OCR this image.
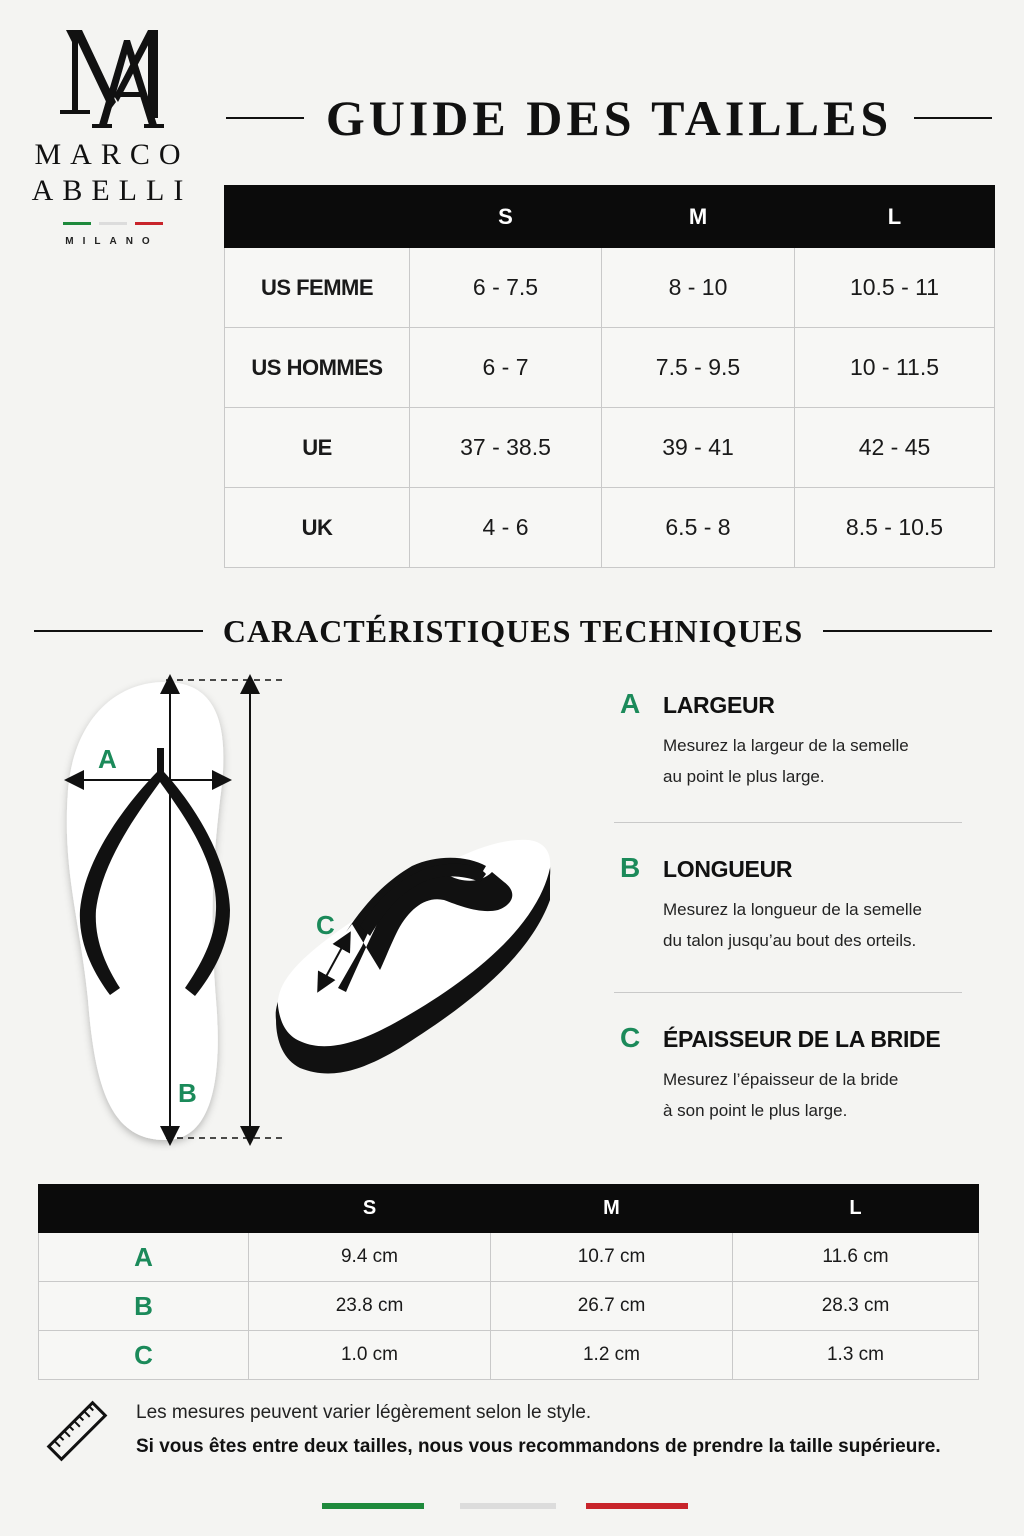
MARCO
ABELLI
MILANO
GUIDE DES TAILLES
	S	M	L
US FEMME	6 - 7.5	8 - 10	10.5 - 11
US HOMMES	6 - 7	7.5 - 9.5	10 - 11.5
UE	37 - 38.5	39 - 41	42 - 45
UK	4 - 6	6.5 - 8	8.5 - 10.5
CARACTÉRISTIQUES TECHNIQUES
A
B
C
A LARGEUR
Mesurez la largeur de la semelle
au point le plus large.
B LONGUEUR
Mesurez la longueur de la semelle
du talon jusqu’au bout des orteils.
C ÉPAISSEUR DE LA BRIDE
Mesurez l’épaisseur de la bride
à son point le plus large.
	S	M	L
A	9.4 cm	10.7 cm	11.6 cm
B	23.8 cm	26.7 cm	28.3 cm
C	1.0 cm	1.2 cm	1.3 cm
Les mesures peuvent varier légèrement selon le style.
Si vous êtes entre deux tailles, nous vous recommandons de prendre la taille supérieure.
